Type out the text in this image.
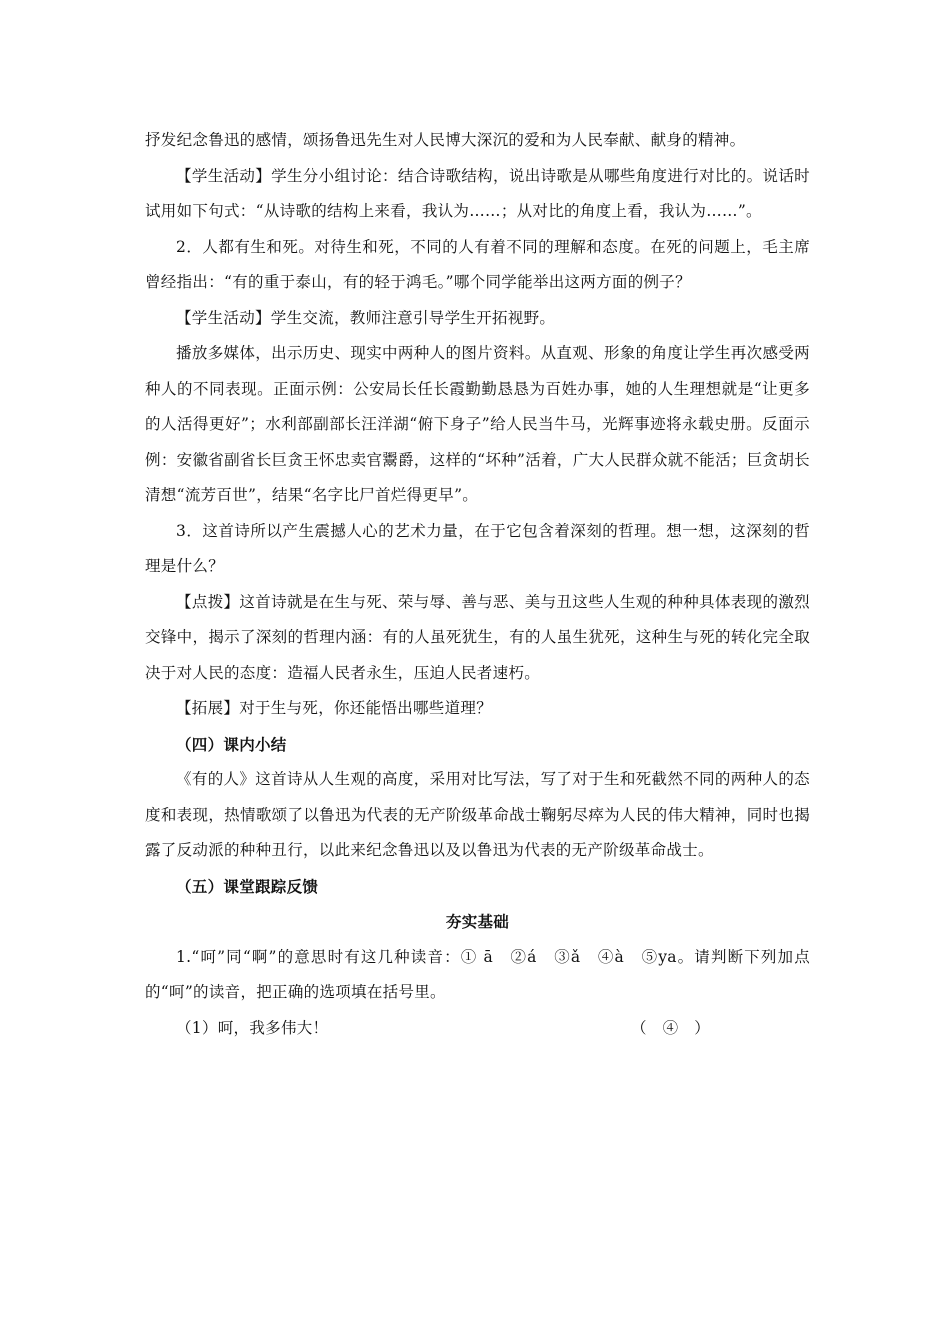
抒发纪念鲁迅的感情，颂扬鲁迅先生对人民博大深沉的爱和为人民奉献、献身的精神。

【学生活动】学生分小组讨论：结合诗歌结构，说出诗歌是从哪些角度进行对比的。说话时试用如下句式：“从诗歌的结构上来看，我认为……；从对比的角度上看，我认为……”。

2．人都有生和死。对待生和死，不同的人有着不同的理解和态度。在死的问题上，毛主席曾经指出：“有的重于泰山，有的轻于鸿毛。”哪个同学能举出这两方面的例子？

【学生活动】学生交流，教师注意引导学生开拓视野。

播放多媒体，出示历史、现实中两种人的图片资料。从直观、形象的角度让学生再次感受两种人的不同表现。正面示例：公安局长任长霞勤勤恳恳为百姓办事，她的人生理想就是“让更多的人活得更好”；水利部副部长汪洋湖“俯下身子”给人民当牛马，光辉事迹将永载史册。反面示例：安徽省副省长巨贪王怀忠卖官鬻爵，这样的“坏种”活着，广大人民群众就不能活；巨贪胡长清想“流芳百世”，结果“名字比尸首烂得更早”。

3．这首诗所以产生震撼人心的艺术力量，在于它包含着深刻的哲理。想一想，这深刻的哲理是什么？

【点拨】这首诗就是在生与死、荣与辱、善与恶、美与丑这些人生观的种种具体表现的激烈交锋中，揭示了深刻的哲理内涵：有的人虽死犹生，有的人虽生犹死，这种生与死的转化完全取决于对人民的态度：造福人民者永生，压迫人民者速朽。

【拓展】对于生与死，你还能悟出哪些道理？

（四）课内小结

《有的人》这首诗从人生观的高度，采用对比写法，写了对于生和死截然不同的两种人的态度和表现，热情歌颂了以鲁迅为代表的无产阶级革命战士鞠躬尽瘁为人民的伟大精神，同时也揭露了反动派的种种丑行，以此来纪念鲁迅以及以鲁迅为代表的无产阶级革命战士。

（五）课堂跟踪反馈

夯实基础

1.“呵”同“啊”的意思时有这几种读音：① ā　②á　③ǎ　④à　⑤ya。请判断下列加点的“呵”的读音，把正确的选项填在括号里。

（1）呵，我多伟大！	（　④　）
